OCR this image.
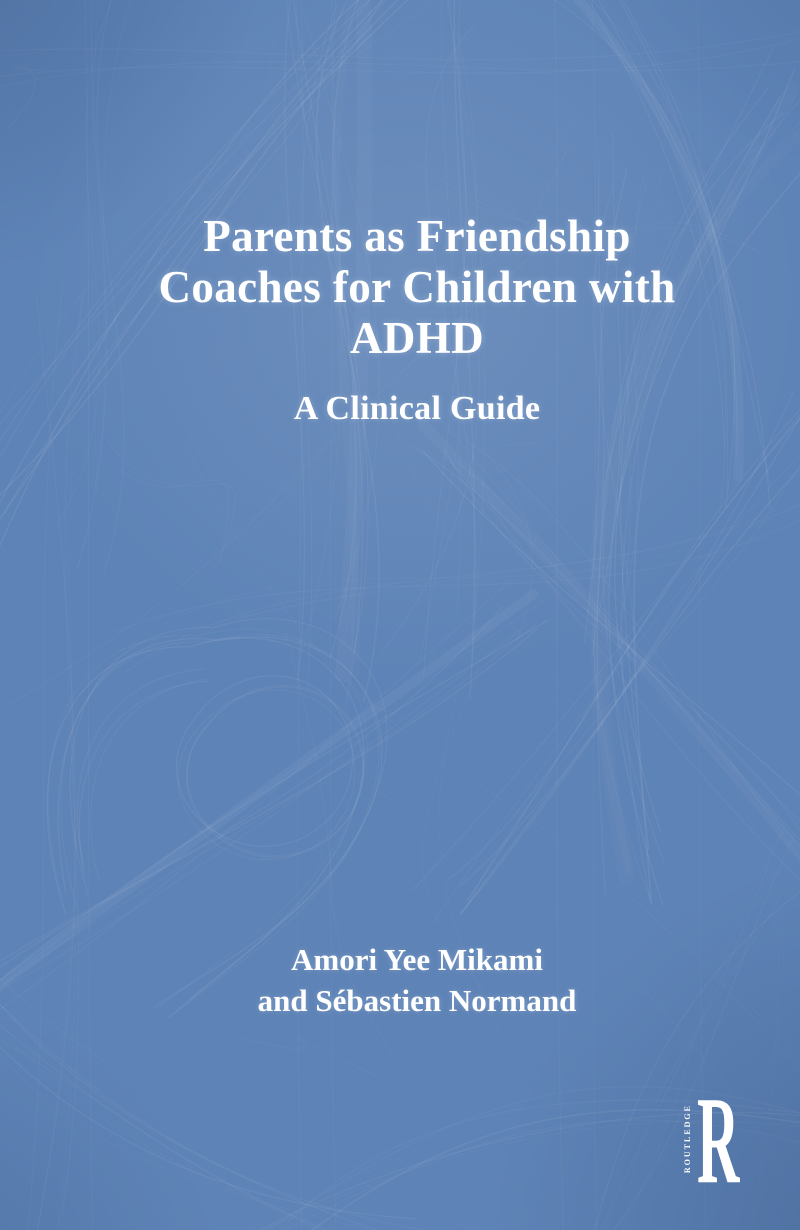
Parents as Friendship
Coaches for Children with
ADHD
A Clinical Guide
Amori Yee Mikami
and Sébastien Normand
ROUTLEDGE R
